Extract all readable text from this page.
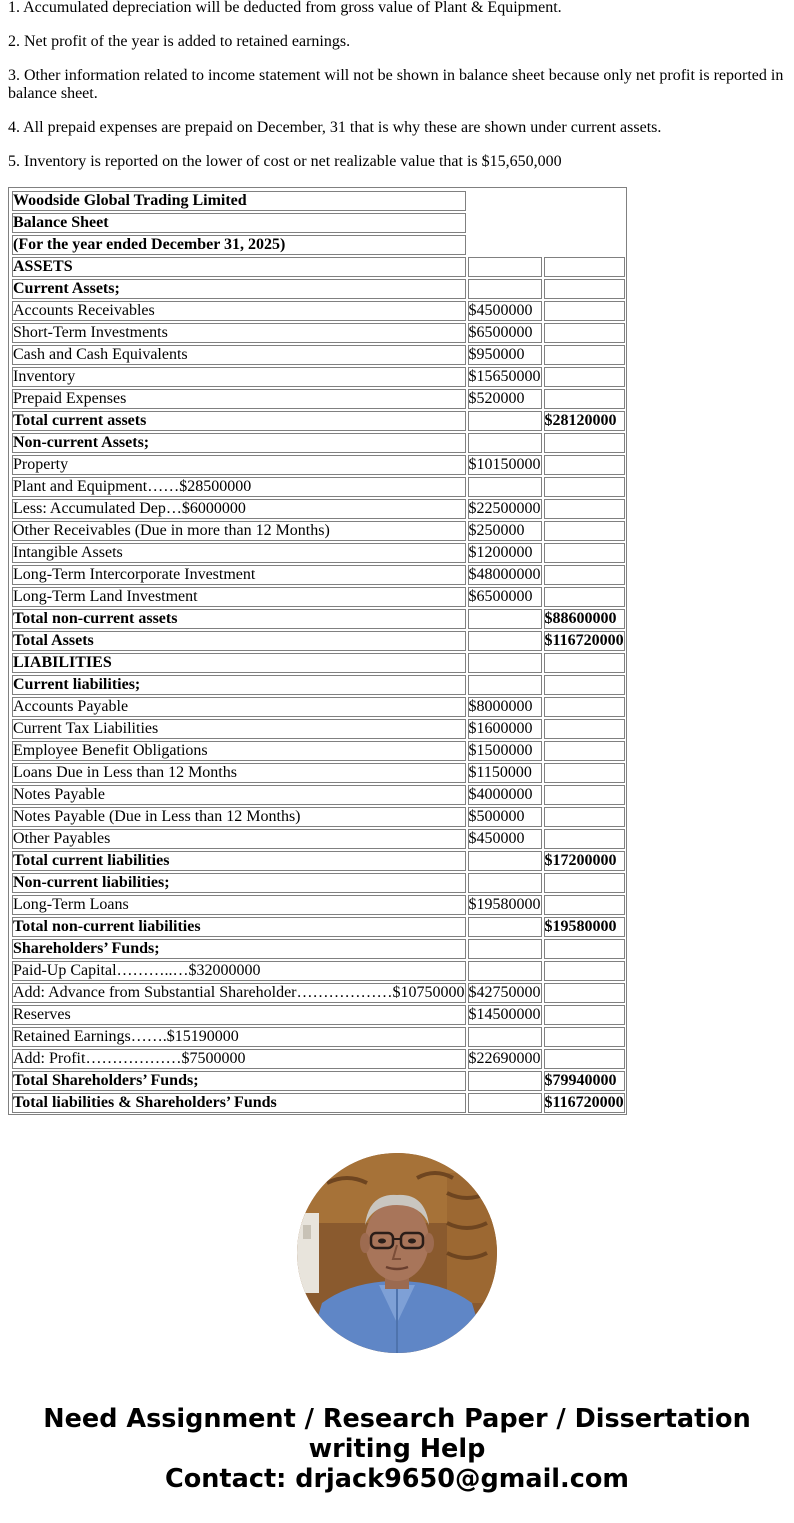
1. Accumulated depreciation will be deducted from gross value of Plant & Equipment.

2. Net profit of the year is added to retained earnings.

3. Other information related to income statement will not be shown in balance sheet because only net profit is reported in balance sheet.

4. All prepaid expenses are prepaid on December, 31 that is why these are shown under current assets.

5. Inventory is reported on the lower of cost or net realizable value that is $15,650,000

Woodside Global Trading Limited		
Balance Sheet		
(For the year ended December 31, 2025)		
ASSETS		
Current Assets;		
Accounts Receivables	$4500000	
Short-Term Investments	$6500000	
Cash and Cash Equivalents	$950000	
Inventory	$15650000	
Prepaid Expenses	$520000	
Total current assets		$28120000
Non-current Assets;		
Property	$10150000	
Plant and Equipment……$28500000		
Less: Accumulated Dep…$6000000	$22500000	
Other Receivables (Due in more than 12 Months)	$250000	
Intangible Assets	$1200000	
Long-Term Intercorporate Investment	$48000000	
Long-Term Land Investment	$6500000	
Total non-current assets		$88600000
Total Assets		$116720000
LIABILITIES		
Current liabilities;		
Accounts Payable	$8000000	
Current Tax Liabilities	$1600000	
Employee Benefit Obligations	$1500000	
Loans Due in Less than 12 Months	$1150000	
Notes Payable	$4000000	
Notes Payable (Due in Less than 12 Months)	$500000	
Other Payables	$450000	
Total current liabilities		$17200000
Non-current liabilities;		
Long-Term Loans	$19580000	
Total non-current liabilities		$19580000
Shareholders’ Funds;		
Paid-Up Capital………..…$32000000		
Add: Advance from Substantial Shareholder………………$10750000	$42750000	
Reserves	$14500000	
Retained Earnings…….$15190000		
Add: Profit………………$7500000	$22690000	
Total Shareholders’ Funds;		$79940000
Total liabilities & Shareholders’ Funds		$116720000
Need Assignment / Research Paper / Dissertation
writing Help
Contact: drjack9650@gmail.com
